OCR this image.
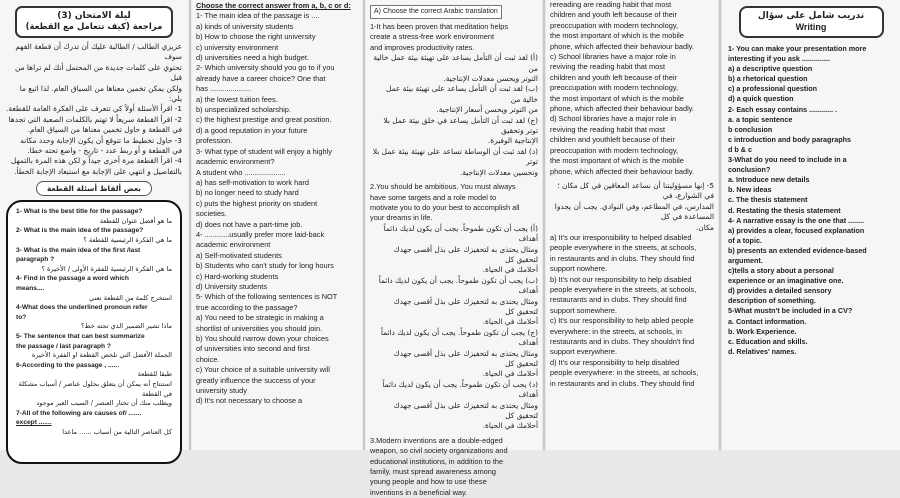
ليلة الامتحان (3)
مراجعة (كيف تتعامل مع القطعة)

عزيزي الطالب / الطالبة عليك أن تدرك أن قطعة الفهم سوف

تحتوي على كلمات جديدة من المحتمل أنك لم تراها من قبل

ولكن يمكن تخمين معناها من السياق العام. لذا اتبع ما يلي:

1- اقرأ الأسئلة أولاً كي تتعرف على الفكرة العامة للقطعة.

2- اقرأ القطعة سريعاً لا تهتم بالكلمات الصعبة التي تجدها

في القطعة و حاول تخمين معناها من السياق العام.

3- حاول تخطيط ما تتوقع أن يكون الإجابة وحدد مكانه

في القطعة و أو ربط عدد - تاريخ - واضع تحته خطا.

4- اقرأ القطعة مرة أخرى جيداً و لكن هذه المرة بالتمهل

بالتفاصيل و انتهي على الإجابة مع استبعاد الإجابة الخطأ.

بعض ألفاظ أسئلة القطعة

1- What is the best title for the passage?

ما هو أفضل عنوان للقطعة

2- What is the main idea of the passage?

ما هي الفكرة الرئيسية للقطعة ؟

3- What is the main idea of the first /last

paragraph ?

ما هي الفكرة الرئيسية للفقرة الأولى / الأخيرة ؟

4- Find in the passage a word which

means....

استخرج كلمة من القطعة تعني

4-What does the underlined pronoun refer

to?

ماذا تشير الضمير الذي تحته خط؟

5- The sentence that can best summarize

the passage / last paragraph ?

الجملة الأفضل التي تلخص القطعة او الفقرة الأخيرة

6-According to the passage , ......

طبقا للقطعة

استنتاج أنه يمكن أن يتعلق بحلول عناصر / أسباب مشكلة في القطعة

ويطلب منك أن تختار العنصر / السبب الغير موجود

7-All of the following are causes of/ .......

except .......

كل العناصر التالية من أسباب ...... ماعدا

Choose the correct answer from a, b, c or d:

1- The main idea of the passage is ....

a) kinds of university students

b) How to choose the right university

c) university environment

d) universities need a high budget.

2- Which university should you go to if you

already have a career choice? One that

has ....................

a) the lowest tuition fees.

b) unspecialized scholarship.

c) the highest prestige and great position.

d) a good reputation in your future

profession.

3- What type of student will enjoy a highly

academic environment?

A student who ....................

a) has self-motivation to work hard

b) no longer need to study hard

c) puts the highest priority on student

societies.

d) does not have a part-time job.

4- ............usually prefer more laid-back

academic environment

a) Self-motivated students

b) Students who can't study for long hours

c) Hard-working students

d) University students

5- Which of the following sentences is NOT

true according to the passage?

a) You need to be strategic in making a

shortlist of universities you should join.

b) You should narrow down your choices

of universities into second and first

choice.

c) Your choice of a suitable university will

greatly influence the success of your

university study

d) It's not necessary to choose a

A) Choose the correct Arabic translation

1-It has been proven that meditation helps

create a stress-free work environment

and improves productivity rates.

(أ) لقد ثبت أن التأمل يساعد على تهيئة بيئة عمل خالية من

التوتر ويحسن معدلات الإنتاجية.

(ب) لقد ثبت أن التأمل يساعد على تهيئة بيئة عمل خالية من

من التوتر ويحسن أسعار الإنتاجية.

(ج) لقد ثبت أن التأمل يساعد في خلق بيئة عمل بلا توتر وتحقيق

الإنتاجية الوفيرة.

(د) لقد ثبت أن الوساطة تساعد على تهيئة بيئة عمل بلا توتر

وتحسين معدلات الإنتاجية.

2.You should be ambitious. You must always

have some targets and a role model to

motivate you to do your best to accomplish all

your dreams in life.

(أ) يجب أن تكون طموحاً. يجب أن يكون لديك دائماً أهداف

ومثال يحتذى به لتحفيزك على بذل أقصى جهدك لتحقيق كل

أحلامك في الحياة.

(ب) يجب أن تكون طموحاً. يجب أن يكون لديك دائماً أهداف

ومثال يحتذى به لتحفيزك على بذل أقصى جهدك لتحقيق كل

أحلامك في الحياة.

(ج) يجب أن تكون طموحاً. يجب أن يكون لديك دائماً أهداف

ومثال يحتذى به لتحفيزك على بذل أقصى جهدك لتحقيق كل

أحلامك في الحياة.

(د) يجب أن تكون طموحاً. يجب أن يكون لديك دائماً أهداف

ومثال يحتذى به لتحفيزك على بذل أقصى جهدك لتحقيق كل

أحلامك في الحياة.

3.Modern inventions are a double-edged

weapon, so civil society organizations and

educational institutions, in addition to the

family, must spread awareness among

young people and how to use these

inventions in a beneficial way.

rereading are reading habit that most

children and youth left because of their

preoccupation with modern technology,

the most important of which is the mobile

phone, which affected their behaviour badly.

c) School libraries have a major role in

reviving the reading habit that most

children and youth left because of their

preoccupation with modern technology,

the most important of which is the mobile

phone, which affected their behaviour badly.

d) School libraries have a major role in

reviving the reading habit that most

children and youthleft because of their

preoccupation with modern technology,

the most important of which is the mobile

phone, which affected their behaviour badly.

5- إنها مسؤوليتنا أن نساعد المعاقين في كل مكان ؛ في الشوارع، في

المدارس، في المطاعم، وفي النوادي. يجب أن يجدوا المساعدة في كل

مكان.

a) It's our irresponsibility to helped disabled

people everywhere in the streets, at schools,

in restaurants and in clubs. They should find

support nowhere.

b) It's not our responsibility to help disabled

people everywhere in the streets, at schools,

restaurants and in clubs. They should find

support somewhere.

c) It's our responsibility to help abled people

everywhere: in the streets, at schools, in

restaurants and in clubs. They shouldn't find

support everywhere.

d) It's our responsibility to help disabled

people everywhere: in the streets, at schools,

in restaurants and in clubs. They should find

تدريب شامل على سؤال
Writing

1- You can make your presentation more

interesting if you ask ..............

a) a descriptive question

b) a rhetorical question

c) a professional question

d) a quick question

2- Each essay contains ............ .

a. a topic sentence

b conclusion

c introduction and body paragraphs

d b & c

3-What do you need to include in a

conclusion?

a. Introduce new details

b. New ideas

c. The thesis statement

d. Restating the thesis statement

4- A narrative essay is the one that ........

a) provides a clear, focused explanation

of a topic.

b) presents an extended evidence-based

argument.

c)tells a story about a personal

experience or an imaginative one.

d) provides a detailed sensory

description of something.

5-What mustn't be included in a CV?

a. Contact information.

b. Work Experience.

c. Education and skills.

d. Relatives' names.
